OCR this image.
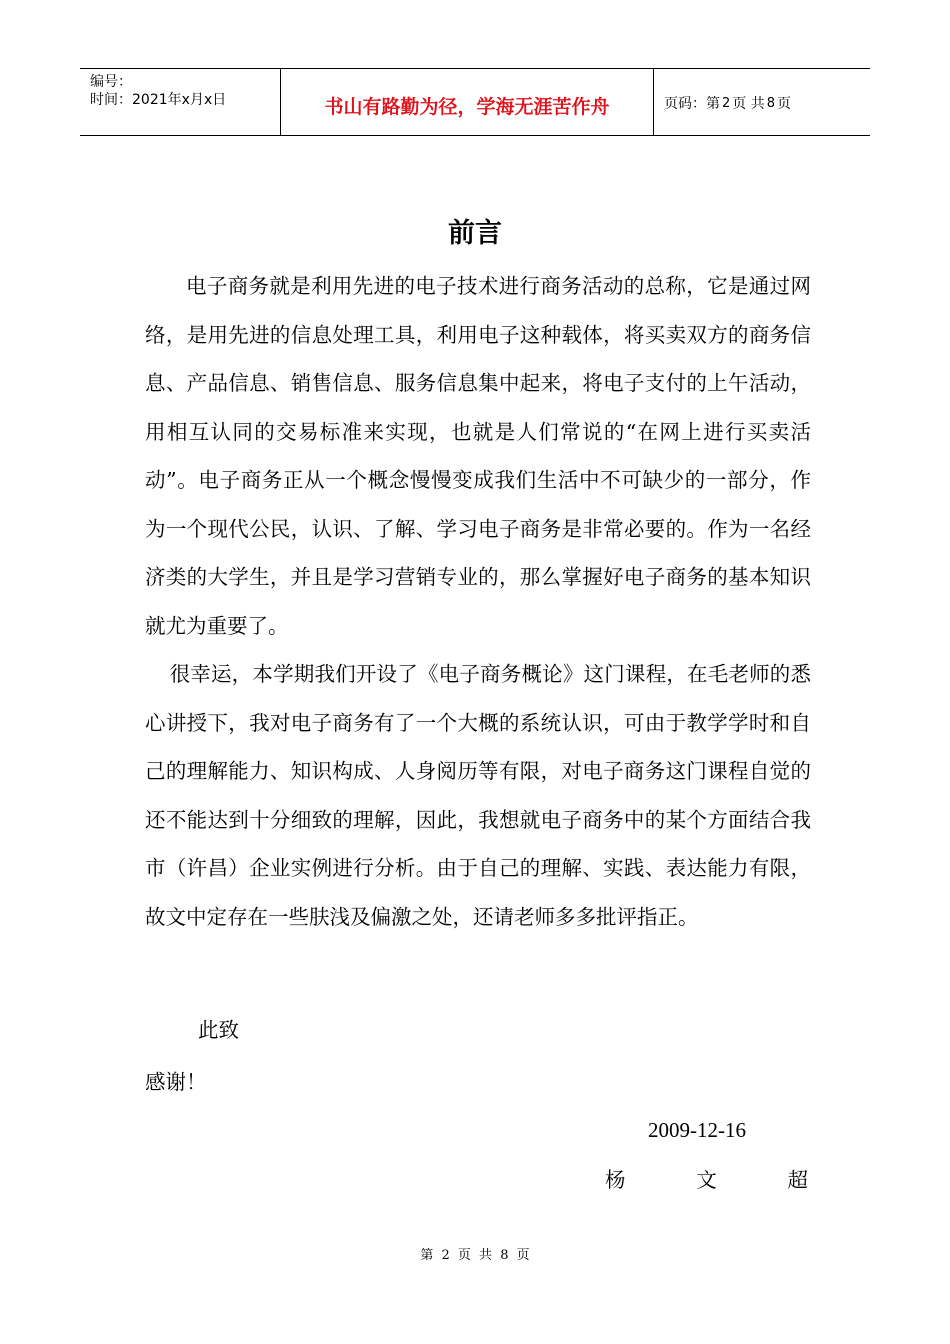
编号：
时间：2021年x月x日	书山有路勤为径，学海无涯苦作舟	页码：第 2 页 共 8 页
前言

电子商务就是利用先进的电子技术进行商务活动的总称，它是通过网络，是用先进的信息处理工具，利用电子这种载体，将买卖双方的商务信息、产品信息、销售信息、服务信息集中起来，将电子支付的上午活动，用相互认同的交易标准来实现，也就是人们常说的“在网上进行买卖活动”。电子商务正从一个概念慢慢变成我们生活中不可缺少的一部分，作为一个现代公民，认识、了解、学习电子商务是非常必要的。作为一名经济类的大学生，并且是学习营销专业的，那么掌握好电子商务的基本知识就尤为重要了。

很幸运，本学期我们开设了《电子商务概论》这门课程，在毛老师的悉心讲授下，我对电子商务有了一个大概的系统认识，可由于教学学时和自己的理解能力、知识构成、人身阅历等有限，对电子商务这门课程自觉的还不能达到十分细致的理解，因此，我想就电子商务中的某个方面结合我市（许昌）企业实例进行分析。由于自己的理解、实践、表达能力有限，故文中定存在一些肤浅及偏激之处，还请老师多多批评指正。

此致
感谢！
2009-12-16
杨	文	超
第 2 页 共 8 页
